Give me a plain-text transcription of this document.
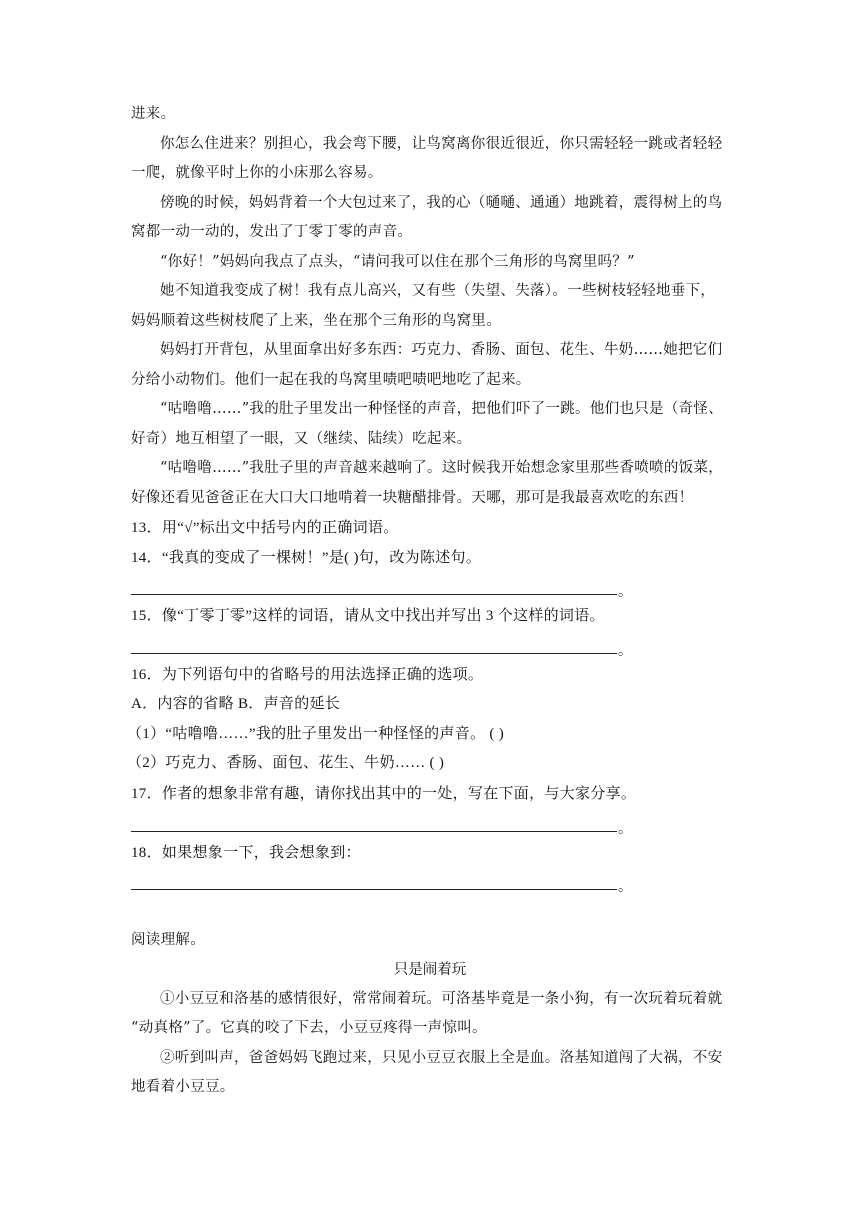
进来。
你怎么住进来？别担心，我会弯下腰，让鸟窝离你很近很近，你只需轻轻一跳或者轻轻
一爬，就像平时上你的小床那么容易。
傍晚的时候，妈妈背着一个大包过来了，我的心（嗵嗵、通通）地跳着，震得树上的鸟
窝都一动一动的，发出了丁零丁零的声音。
“你好！”妈妈向我点了点头，“请问我可以住在那个三角形的鸟窝里吗？”
她不知道我变成了树！我有点儿高兴，又有些（失望、失落）。一些树枝轻轻地垂下，
妈妈顺着这些树枝爬了上来，坐在那个三角形的鸟窝里。
妈妈打开背包，从里面拿出好多东西：巧克力、香肠、面包、花生、牛奶……她把它们
分给小动物们。他们一起在我的鸟窝里啧吧啧吧地吃了起来。
“咕噜噜……”我的肚子里发出一种怪怪的声音，把他们吓了一跳。他们也只是（奇怪、
好奇）地互相望了一眼，又（继续、陆续）吃起来。
“咕噜噜……”我肚子里的声音越来越响了。这时候我开始想念家里那些香喷喷的饭菜，
好像还看见爸爸正在大口大口地啃着一块糖醋排骨。天哪，那可是我最喜欢吃的东西！
13．用“√”标出文中括号内的正确词语。
14．“我真的变成了一棵树！”是( )句，改为陈述句。
。
15．像“丁零丁零”这样的词语，请从文中找出并写出 3 个这样的词语。
。
16．为下列语句中的省略号的用法选择正确的选项。
A．内容的省略 B．声音的延长
（1）“咕噜噜……”我的肚子里发出一种怪怪的声音。 ( )
（2）巧克力、香肠、面包、花生、牛奶…… ( )
17．作者的想象非常有趣，请你找出其中的一处，写在下面，与大家分享。
。
18．如果想象一下，我会想象到：
。
阅读理解。
只是闹着玩
①小豆豆和洛基的感情很好，常常闹着玩。可洛基毕竟是一条小狗，有一次玩着玩着就
“动真格”了。它真的咬了下去，小豆豆疼得一声惊叫。
②听到叫声，爸爸妈妈飞跑过来，只见小豆豆衣服上全是血。洛基知道闯了大祸，不安
地看着小豆豆。
